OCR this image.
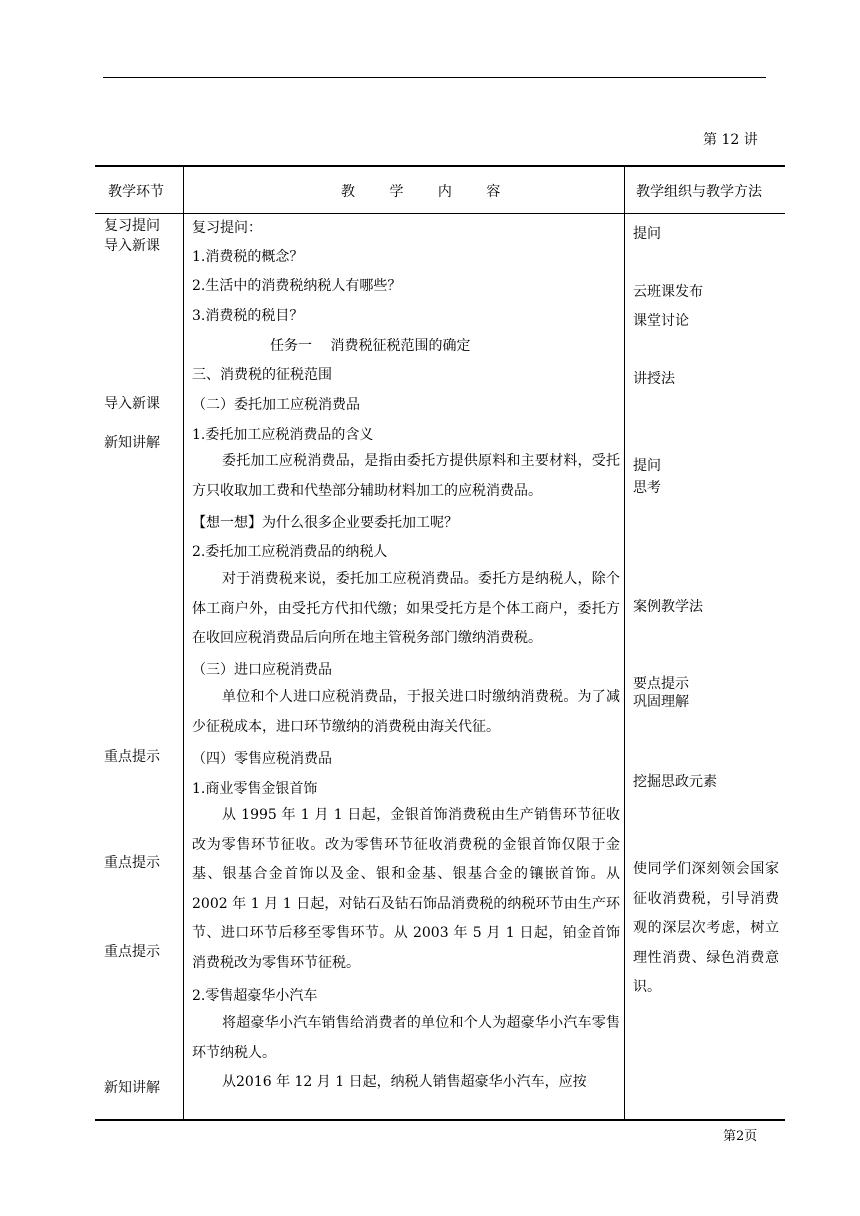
第 12 讲
教学环节	教 学 内 容	教学组织与教学方法
复习提问
导入新课
导入新课
新知讲解
重点提示
重点提示
重点提示
新知讲解
复习提问：
1.消费税的概念？
2.生活中的消费税纳税人有哪些？
3.消费税的税目？
任务一　 消费税征税范围的确定
三、消费税的征税范围
（二）委托加工应税消费品
1.委托加工应税消费品的含义
委托加工应税消费品，是指由委托方提供原料和主要材料，受托方只收取加工费和代垫部分辅助材料加工的应税消费品。
【想一想】为什么很多企业要委托加工呢？
2.委托加工应税消费品的纳税人
对于消费税来说，委托加工应税消费品。委托方是纳税人，除个体工商户外，由受托方代扣代缴；如果受托方是个体工商户，委托方在收回应税消费品后向所在地主管税务部门缴纳消费税。
（三）进口应税消费品
单位和个人进口应税消费品，于报关进口时缴纳消费税。为了减少征税成本，进口环节缴纳的消费税由海关代征。
（四）零售应税消费品
1.商业零售金银首饰
从 1995 年 1 月 1 日起，金银首饰消费税由生产销售环节征收改为零售环节征收。改为零售环节征收消费税的金银首饰仅限于金基、银基合金首饰以及金、银和金基、银基合金的镶嵌首饰。从 2002 年 1 月 1 日起，对钻石及钻石饰品消费税的纳税环节由生产环节、进口环节后移至零售环节。从 2003 年 5 月 1 日起，铂金首饰消费税改为零售环节征税。
2.零售超豪华小汽车
将超豪华小汽车销售给消费者的单位和个人为超豪华小汽车零售环节纳税人。
从2016 年 12 月 1 日起，纳税人销售超豪华小汽车，应按
提问
云班课发布
课堂讨论
讲授法
提问
思考
案例教学法
要点提示
巩固理解
挖掘思政元素
使同学们深刻领会国家征收消费税，引导消费观的深层次考虑，树立理性消费、绿色消费意识。
第2页
